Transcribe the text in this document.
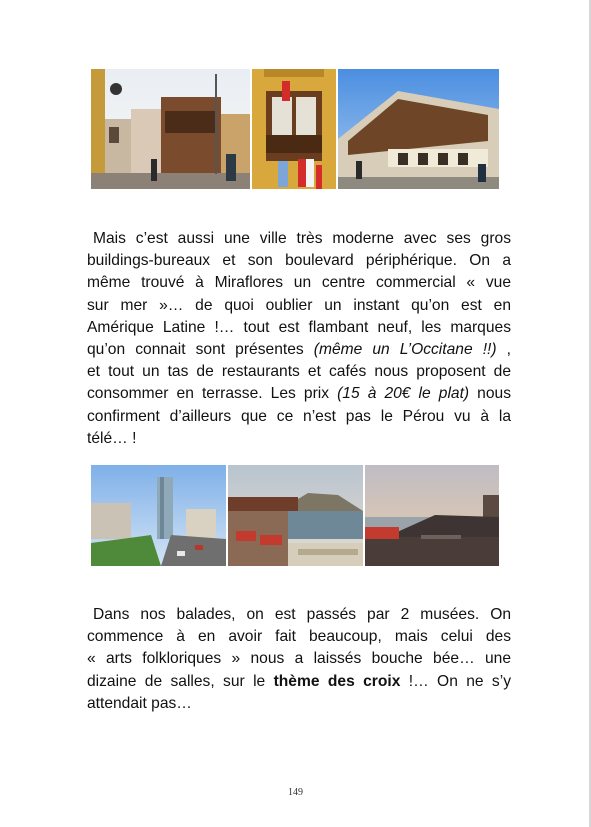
Mais c’est aussi une ville très moderne avec ses gros
buildings-bureaux et son boulevard périphérique. On a
même trouvé à Miraflores un centre commercial « vue
sur mer »… de quoi oublier un instant qu’on est en
Amérique Latine !… tout est flambant neuf, les marques
qu’on connait sont présentes (même un L’Occitane !!) ,
et tout un tas de restaurants et cafés nous proposent de
consommer en terrasse. Les prix (15 à 20€ le plat) nous
confirment d’ailleurs que ce n’est pas le Pérou vu à la
télé… !
Dans nos balades, on est passés par 2 musées. On
commence à en avoir fait beaucoup, mais celui des
« arts folkloriques » nous a laissés bouche bée… une
dizaine de salles, sur le thème des croix !… On ne s’y
attendait pas…
149
